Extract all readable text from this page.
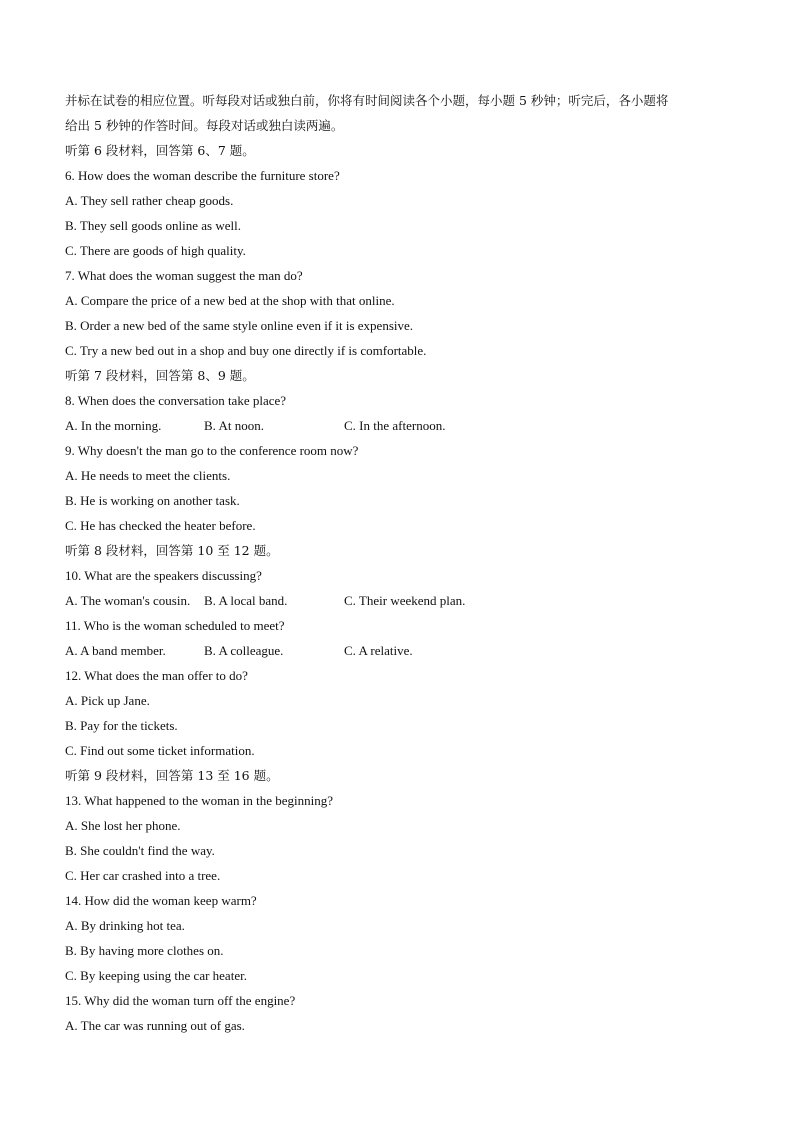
并标在试卷的相应位置。听每段对话或独白前，你将有时间阅读各个小题，每小题 5 秒钟；听完后，各小题将
给出 5 秒钟的作答时间。每段对话或独白读两遍。
听第 6 段材料，回答第 6、7 题。
6. How does the woman describe the furniture store?
A. They sell rather cheap goods.
B. They sell goods online as well.
C. There are goods of high quality.
7. What does the woman suggest the man do?
A. Compare the price of a new bed at the shop with that online.
B. Order a new bed of the same style online even if it is expensive.
C. Try a new bed out in a shop and buy one directly if is comfortable.
听第 7 段材料，回答第 8、9 题。
8. When does the conversation take place?
A. In the morning.	B. At noon.	C. In the afternoon.
9. Why doesn't the man go to the conference room now?
A. He needs to meet the clients.
B. He is working on another task.
C. He has checked the heater before.
听第 8 段材料，回答第 10 至 12 题。
10. What are the speakers discussing?
A. The woman's cousin.	B. A local band.	C. Their weekend plan.
11. Who is the woman scheduled to meet?
A. A band member.	B. A colleague.	C. A relative.
12. What does the man offer to do?
A. Pick up Jane.
B. Pay for the tickets.
C. Find out some ticket information.
听第 9 段材料，回答第 13 至 16 题。
13. What happened to the woman in the beginning?
A. She lost her phone.
B. She couldn't find the way.
C. Her car crashed into a tree.
14. How did the woman keep warm?
A. By drinking hot tea.
B. By having more clothes on.
C. By keeping using the car heater.
15. Why did the woman turn off the engine?
A. The car was running out of gas.
